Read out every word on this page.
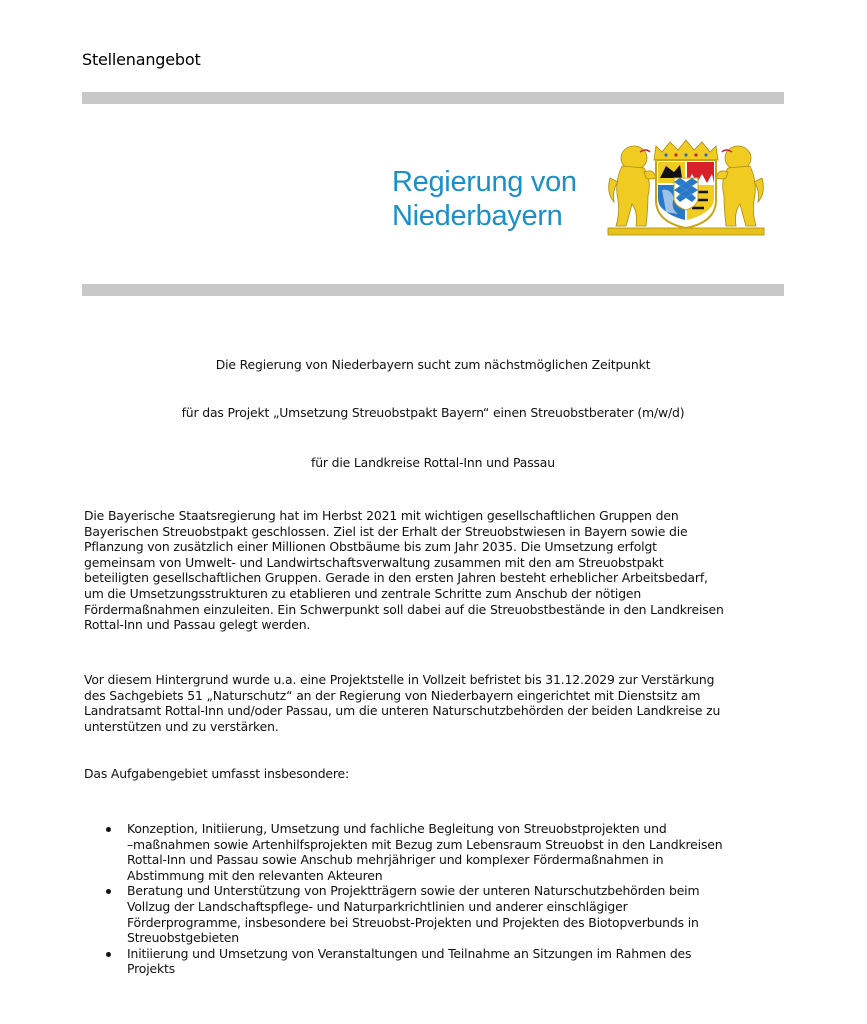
Stellenangebot
Regierung von
Niederbayern
Die Regierung von Niederbayern sucht zum nächstmöglichen Zeitpunkt
für das Projekt „Umsetzung Streuobstpakt Bayern“ einen Streuobstberater (m/w/d)
für die Landkreise Rottal-Inn und Passau
Die Bayerische Staatsregierung hat im Herbst 2021 mit wichtigen gesellschaftlichen Gruppen den
Bayerischen Streuobstpakt geschlossen. Ziel ist der Erhalt der Streuobstwiesen in Bayern sowie die
Pflanzung von zusätzlich einer Millionen Obstbäume bis zum Jahr 2035. Die Umsetzung erfolgt
gemeinsam von Umwelt- und Landwirtschaftsverwaltung zusammen mit den am Streuobstpakt
beteiligten gesellschaftlichen Gruppen. Gerade in den ersten Jahren besteht erheblicher Arbeitsbedarf,
um die Umsetzungsstrukturen zu etablieren und zentrale Schritte zum Anschub der nötigen
Fördermaßnahmen einzuleiten. Ein Schwerpunkt soll dabei auf die Streuobstbestände in den Landkreisen
Rottal-Inn und Passau gelegt werden.
Vor diesem Hintergrund wurde u.a. eine Projektstelle in Vollzeit befristet bis 31.12.2029 zur Verstärkung
des Sachgebiets 51 „Naturschutz“ an der Regierung von Niederbayern eingerichtet mit Dienstsitz am
Landratsamt Rottal-Inn und/oder Passau, um die unteren Naturschutzbehörden der beiden Landkreise zu
unterstützen und zu verstärken.
Das Aufgabengebiet umfasst insbesondere:
Konzeption, Initiierung, Umsetzung und fachliche Begleitung von Streuobstprojekten und
–maßnahmen sowie Artenhilfsprojekten mit Bezug zum Lebensraum Streuobst in den Landkreisen
Rottal-Inn und Passau sowie Anschub mehrjähriger und komplexer Fördermaßnahmen in
Abstimmung mit den relevanten Akteuren
Beratung und Unterstützung von Projektträgern sowie der unteren Naturschutzbehörden beim
Vollzug der Landschaftspflege- und Naturparkrichtlinien und anderer einschlägiger
Förderprogramme, insbesondere bei Streuobst-Projekten und Projekten des Biotopverbunds in
Streuobstgebieten
Initiierung und Umsetzung von Veranstaltungen und Teilnahme an Sitzungen im Rahmen des
Projekts
